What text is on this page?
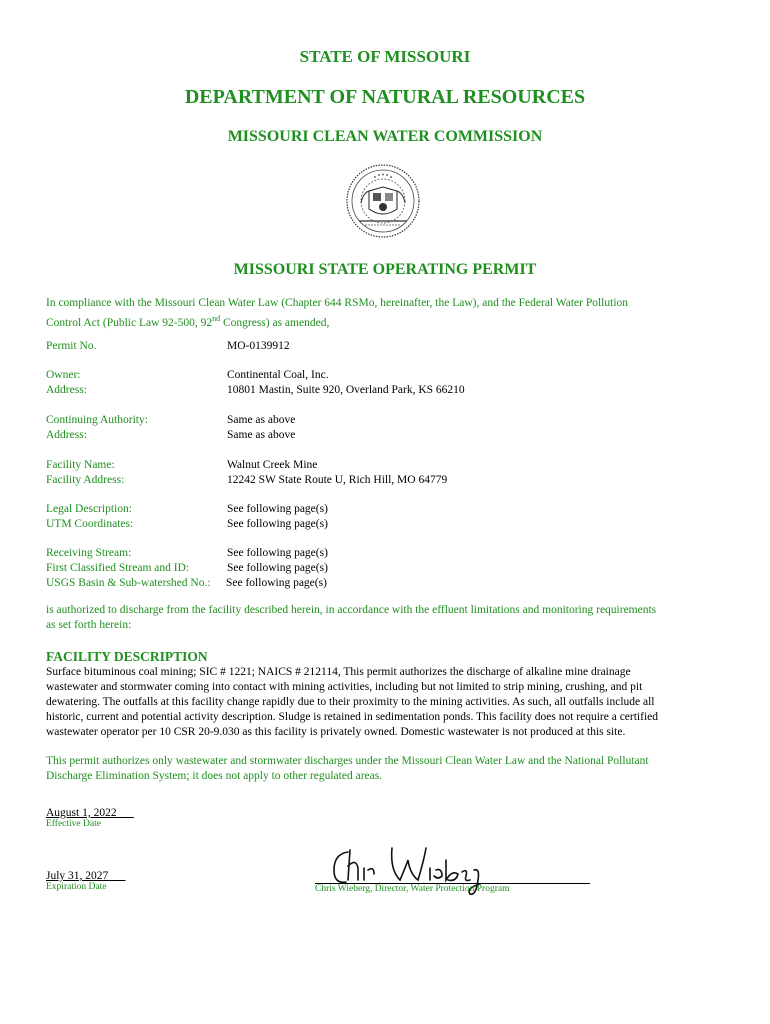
STATE OF MISSOURI
DEPARTMENT OF NATURAL RESOURCES
MISSOURI CLEAN WATER COMMISSION
MISSOURI STATE OPERATING PERMIT
In compliance with the Missouri Clean Water Law (Chapter 644 RSMo, hereinafter, the Law), and the Federal Water Pollution
Control Act (Public Law 92-500, 92nd Congress) as amended,
Permit No.	MO-0139912
Owner:	Continental Coal, Inc.
Address:	10801 Mastin, Suite 920, Overland Park, KS 66210
Continuing Authority:	Same as above
Address:	Same as above
Facility Name:	Walnut Creek Mine
Facility Address:	12242 SW State Route U, Rich Hill, MO 64779
Legal Description:	See following page(s)
UTM Coordinates:	See following page(s)
Receiving Stream:	See following page(s)
First Classified Stream and ID:	See following page(s)
USGS Basin & Sub-watershed No.:	See following page(s)
is authorized to discharge from the facility described herein, in accordance with the effluent limitations and monitoring requirements
as set forth herein:
FACILITY DESCRIPTION
Surface bituminous coal mining; SIC # 1221; NAICS # 212114, This permit authorizes the discharge of alkaline mine drainage
wastewater and stormwater coming into contact with mining activities, including but not limited to strip mining, crushing, and pit
dewatering. The outfalls at this facility change rapidly due to their proximity to the mining activities. As such, all outfalls include all
historic, current and potential activity description. Sludge is retained in sedimentation ponds. This facility does not require a certified
wastewater operator per 10 CSR 20-9.030 as this facility is privately owned. Domestic wastewater is not produced at this site.
This permit authorizes only wastewater and stormwater discharges under the Missouri Clean Water Law and the National Pollutant
Discharge Elimination System; it does not apply to other regulated areas.
August 1, 2022
Effective Date
July 31, 2027
Expiration Date	Chris Wieberg, Director, Water Protection Program
